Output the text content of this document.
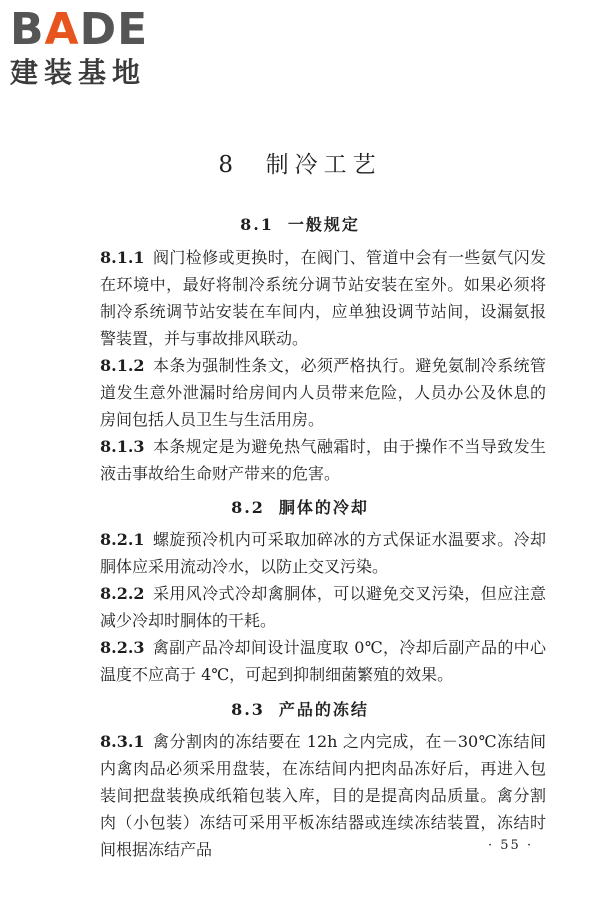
BADE
建装基地
8 制冷工艺
8.1 一般规定
8.1.1 阀门检修或更换时，在阀门、管道中会有一些氨气闪发在环境中，最好将制冷系统分调节站安装在室外。如果必须将制冷系统调节站安装在车间内，应单独设调节站间，设漏氨报警装置，并与事故排风联动。
8.1.2 本条为强制性条文，必须严格执行。避免氨制冷系统管道发生意外泄漏时给房间内人员带来危险，人员办公及休息的房间包括人员卫生与生活用房。
8.1.3 本条规定是为避免热气融霜时，由于操作不当导致发生液击事故给生命财产带来的危害。
8.2 胴体的冷却
8.2.1 螺旋预冷机内可采取加碎冰的方式保证水温要求。冷却胴体应采用流动冷水，以防止交叉污染。
8.2.2 采用风冷式冷却禽胴体，可以避免交叉污染，但应注意减少冷却时胴体的干耗。
8.2.3 禽副产品冷却间设计温度取 0℃，冷却后副产品的中心温度不应高于 4℃，可起到抑制细菌繁殖的效果。
8.3 产品的冻结
8.3.1 禽分割肉的冻结要在 12h 之内完成，在－30℃冻结间内禽肉品必须采用盘装，在冻结间内把肉品冻好后，再进入包装间把盘装换成纸箱包装入库，目的是提高肉品质量。禽分割肉（小包装）冻结可采用平板冻结器或连续冻结装置，冻结时间根据冻结产品	· 55 ·
